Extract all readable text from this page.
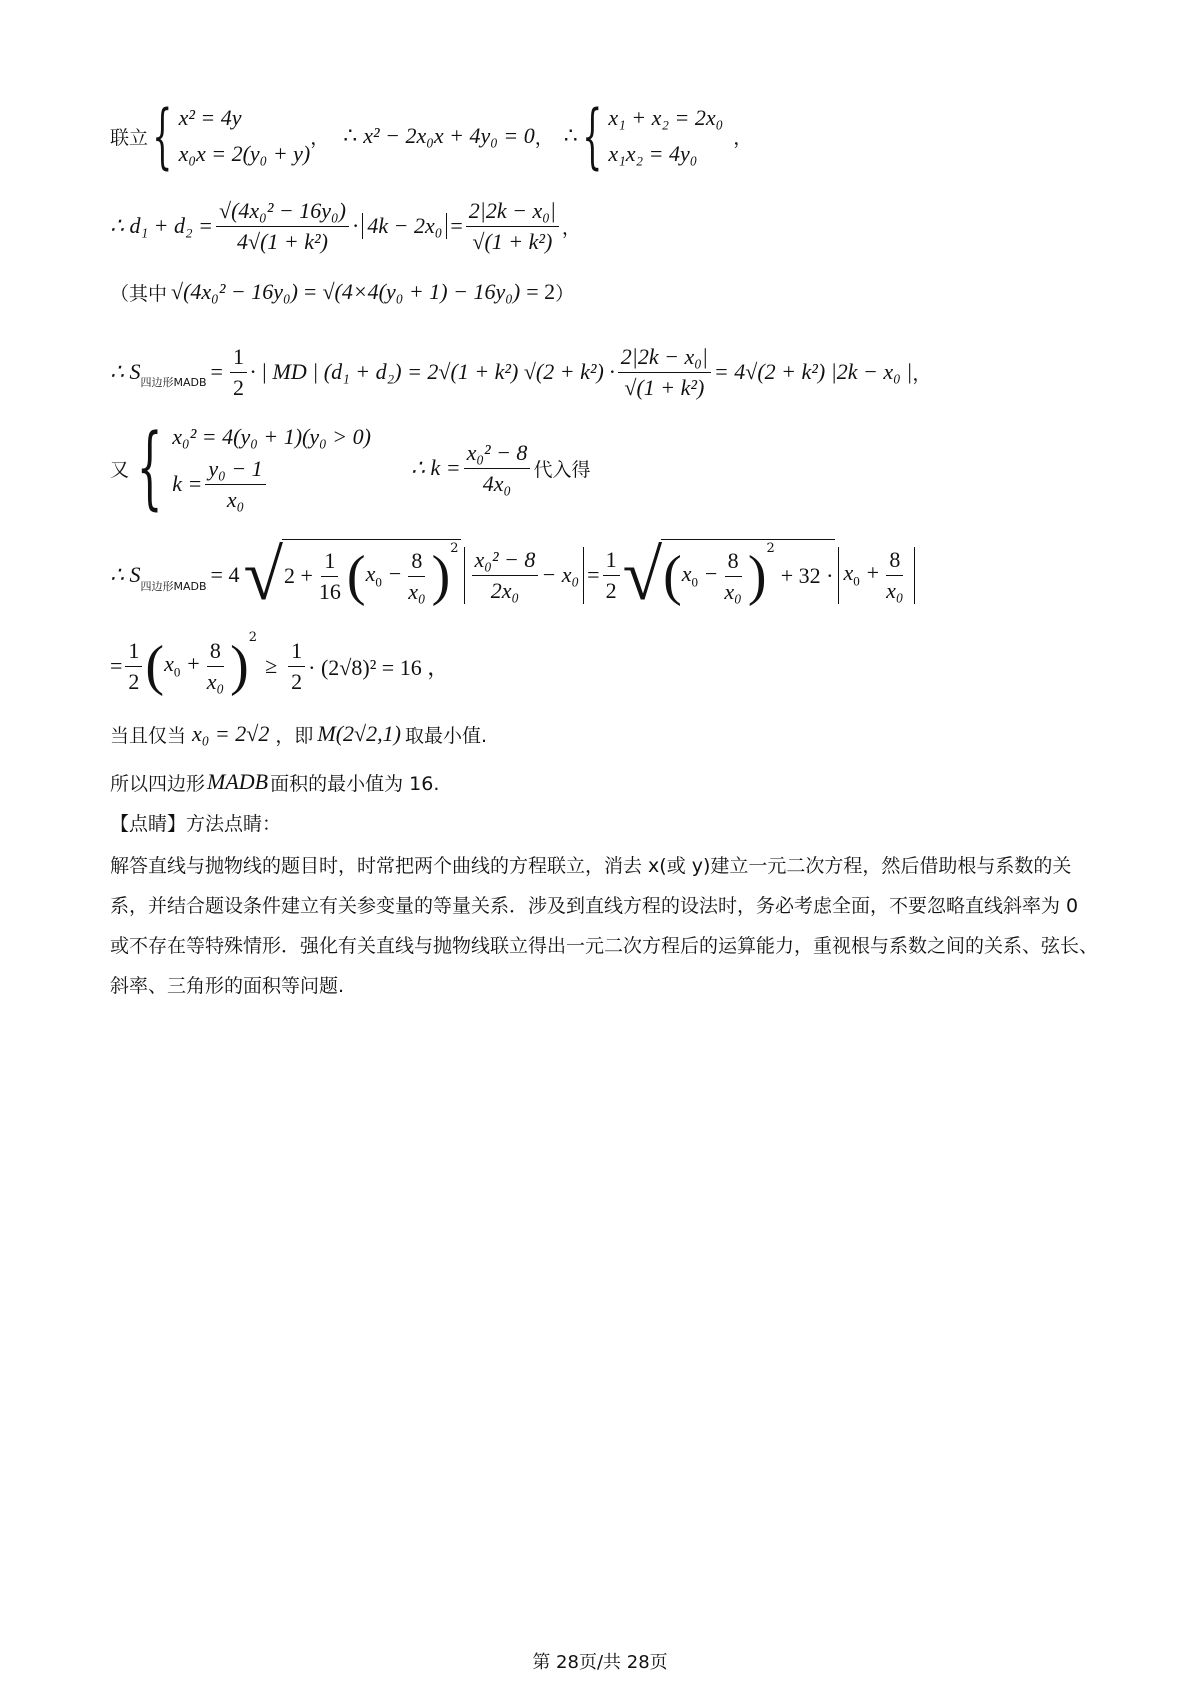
联立 { x² = 4y
x₀x = 2(y₀ + y)
， ∴ x² − 2x₀x + 4y₀ = 0 ， ∴ { x₁ + x₂ = 2x₀
x₁x₂ = 4y₀
，
∴ $d_1 + d_2 = \frac{\text{√(4x₀² − 16y₀)}}{\text{4√(1 + k²)}} \cdot 4k - 2x_0 = \frac{\text{2|2k − x₀|}}{\text{√(1 + k²)}}$ ，
（其中 √(4x₀² − 16y₀) = √(4×4(y₀ + 1) − 16y₀) = 2 ）
∴ S 四边形MADB = $\frac{1}{2}$ · | MD | (d₁ + d₂) = 2√(1 + k²) $√(2 + k^2) \cdot \frac{\text{2|2k − x₀|}}{\text{√(1 + k²)}} = 4√(2 + k^2) |2k - x_0$ | ，
又 { x₀² = 4(y₀ + 1)(y₀ > 0)
$k = \frac{\text{y₀ − 1}}{\text{x₀}}$	∴ $k = \frac{\text{x₀² − 8}}{\text{4x₀}}$ 代入得
∴ S 四边形MADB = 4 √ $2 + \frac{1}{16}$ ( $x_0 - \frac{8}{\text{x₀}} )^2 \frac{\text{x₀² − 8}}{\text{2x₀}} - x_0 = \frac{1}{2}$ √ ( $x_0 - \frac{8}{\text{x₀}} )^2$
+ $32 \cdot x_0 + \frac{8}{\text{x₀}}$
= $\frac{1}{2}$ ( $x_0 + \frac{8}{\text{x₀}} )^2$
≥ $\frac{1}{2} \cdot (2√8)^2 = 16$ ，
当且仅当 x₀ = 2√2 ，即 M(2√2,1) 取最小值.
所以四边形 MADB 面积的最小值为 16.
【点睛】方法点睛：
解答直线与抛物线的题目时，时常把两个曲线的方程联立，消去 x(或 y)建立一元二次方程，然后借助根与系数的关系，并结合题设条件建立有关参变量的等量关系．涉及到直线方程的设法时，务必考虑全面，不要忽略直线斜率为 0 或不存在等特殊情形．强化有关直线与抛物线联立得出一元二次方程后的运算能力，重视根与系数之间的关系、弦长、斜率、三角形的面积等问题.
第 28页/共 28页
